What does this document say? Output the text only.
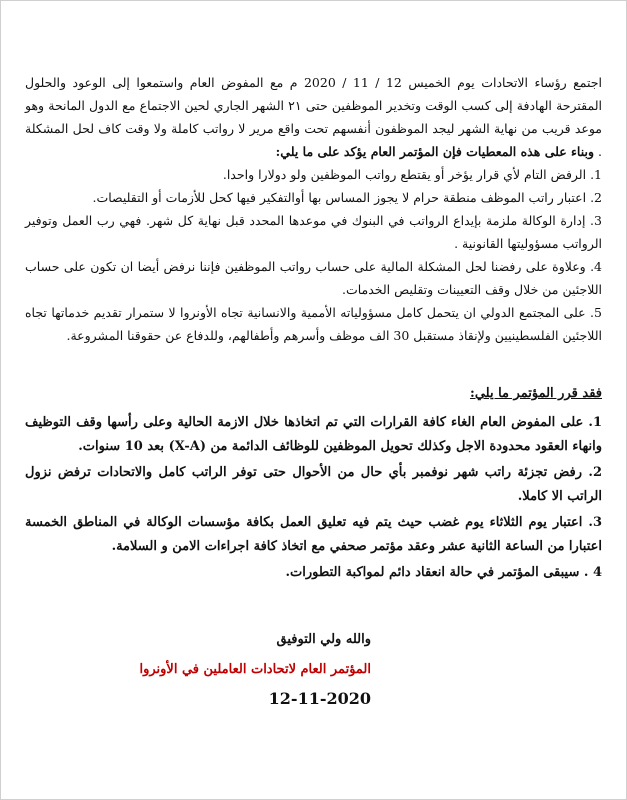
اجتمع رؤساء الاتحادات يوم الخميس 12 / 11 / 2020 م مع المفوض العام واستمعوا إلى الوعود والحلول المقترحة الهادفة إلى كسب الوقت وتخدير الموظفين حتى ٢١ الشهر الجاري لحين الاجتماع مع الدول المانحة وهو موعد قريب من نهاية الشهر ليجد الموظفون أنفسهم تحت واقع مرير لا رواتب كاملة ولا وقت كاف لحل المشكلة . وبناء على هذه المعطيات فإن المؤتمر العام يؤكد على ما يلي:

1. الرفض التام لأي قرار يؤخر أو يقتطع رواتب الموظفين ولو دولارا واحدا.

2. اعتبار راتب الموظف منطقة حرام لا يجوز المساس بها أوالتفكير فيها كحل للأزمات أو التقليصات.

3. إدارة الوكالة ملزمة بإيداع الرواتب في البنوك في موعدها المحدد قبل نهاية كل شهر. فهي رب العمل وتوفير الرواتب مسؤوليتها القانونية .

4. وعلاوة على رفضنا لحل المشكلة المالية على حساب رواتب الموظفين فإننا نرفض أيضا ان تكون على حساب اللاجئين من خلال وقف التعيينات وتقليص الخدمات.

5. على المجتمع الدولي ان يتحمل كامل مسؤولياته الأممية والانسانية تجاه الأونروا لا ستمرار تقديم خدماتها تجاه اللاجئين الفلسطينيين ولإنقاذ مستقبل 30 الف موظف وأسرهم وأطفالهم، وللدفاع عن حقوقنا المشروعة.

فقد قرر المؤتمر ما يلي:

1. على المفوض العام الغاء كافة القرارات التي تم اتخاذها خلال الازمة الحالية وعلى رأسها وقف التوظيف وانهاء العقود محدودة الاجل وكذلك تحويل الموظفين للوظائف الدائمة من (X-A) بعد 10 سنوات.

2. رفض تجزئة راتب شهر نوفمبر بأي حال من الأحوال حتى توفر الراتب كامل والاتحادات ترفض نزول الراتب الا كاملا.

3. اعتبار يوم الثلاثاء يوم غضب حيث يتم فيه تعليق العمل بكافة مؤسسات الوكالة في المناطق الخمسة اعتبارا من الساعة الثانية عشر وعقد مؤتمر صحفي مع اتخاذ كافة اجراءات الامن و السلامة.

4 . سيبقى المؤتمر في حالة انعقاد دائم لمواكبة التطورات.

والله ولي التوفيق

المؤتمر العام لاتحادات العاملين في الأونروا

12-11-2020
